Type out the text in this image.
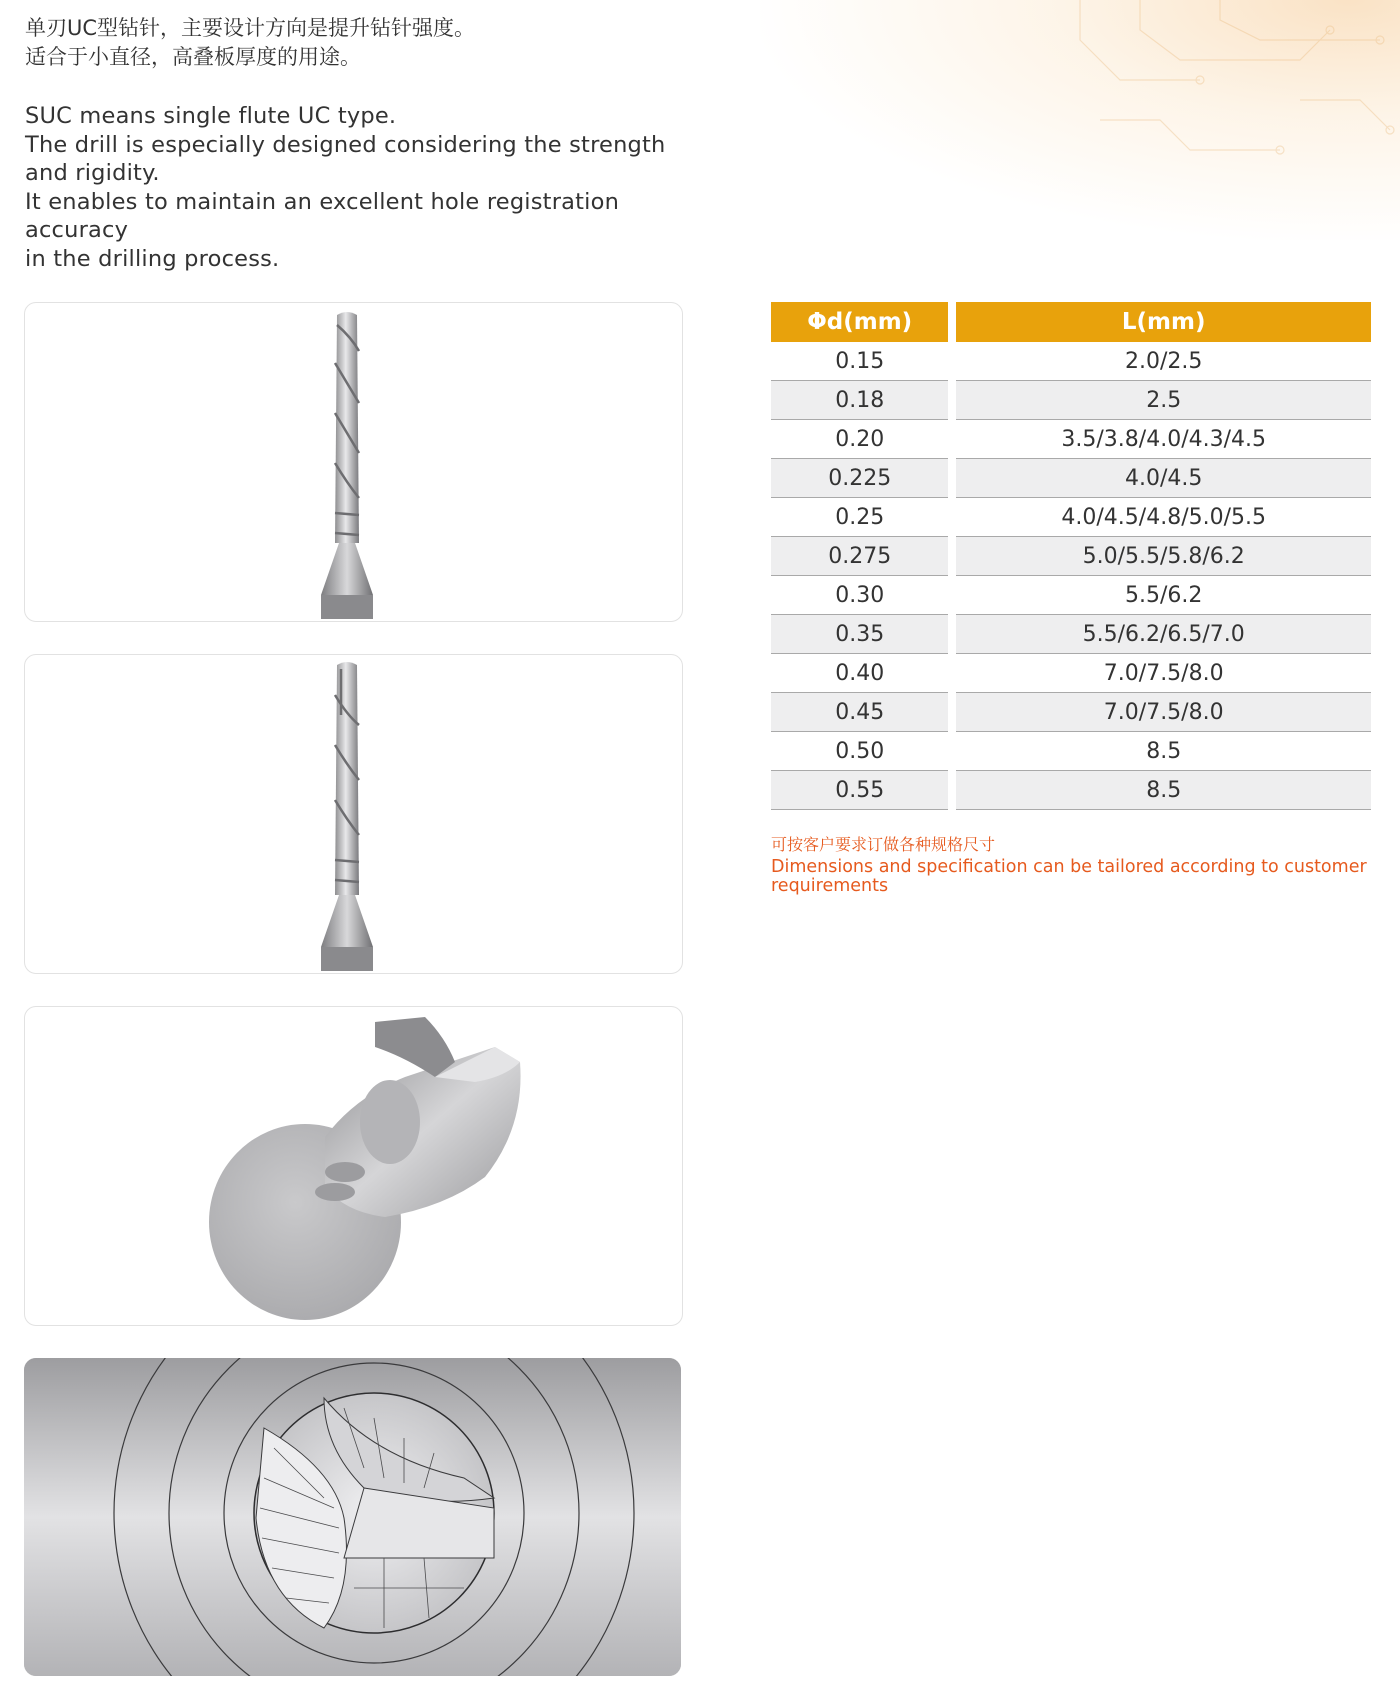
单刃UC型钻针，主要设计方向是提升钻针强度。

适合于小直径，高叠板厚度的用途。

SUC means single flute UC type.

The drill is especially designed considering the strength

and rigidity.

It enables to maintain an excellent hole registration accuracy

in the drilling process.

Φd(mm)	L(mm)
0.15	2.0/2.5
0.18	2.5
0.20	3.5/3.8/4.0/4.3/4.5
0.225	4.0/4.5
0.25	4.0/4.5/4.8/5.0/5.5
0.275	5.0/5.5/5.8/6.2
0.30	5.5/6.2
0.35	5.5/6.2/6.5/7.0
0.40	7.0/7.5/8.0
0.45	7.0/7.5/8.0
0.50	8.5
0.55	8.5

可按客户要求订做各种规格尺寸

Dimensions and specification can be tailored according to customer
requirements
